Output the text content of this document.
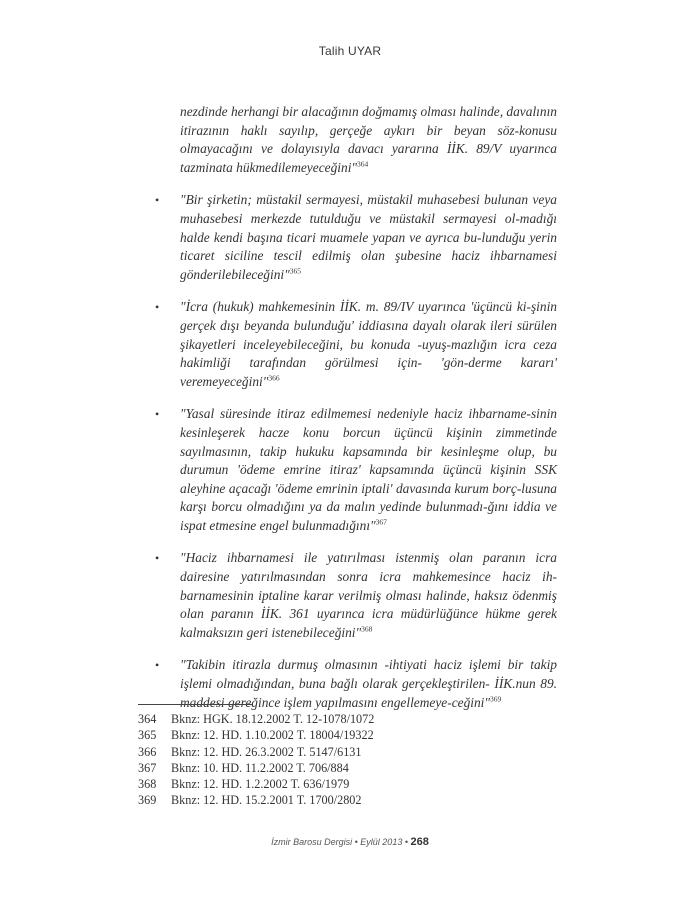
Talih UYAR

nezdinde herhangi bir alacağının doğmamış olması halinde, davalının itirazının haklı sayılıp, gerçeğe aykırı bir beyan söz-konusu olmayacağını ve dolayısıyla davacı yararına İİK. 89/V uyarınca tazminata hükmedilemeyeceğini"$^{364}$

• "Bir şirketin; müstakil sermayesi, müstakil muhasebesi bulunan veya muhasebesi merkezde tutulduğu ve müstakil sermayesi ol-madığı halde kendi başına ticari muamele yapan ve ayrıca bu-lunduğu yerin ticaret siciline tescil edilmiş olan şubesine haciz ihbarnamesi gönderilebileceğini"$^{365}$

• "İcra (hukuk) mahkemesinin İİK. m. 89/IV uyarınca 'üçüncü ki-şinin gerçek dışı beyanda bulunduğu' iddiasına dayalı olarak ileri sürülen şikayetleri inceleyebileceğini, bu konuda -uyuş-mazlığın icra ceza hakimliği tarafından görülmesi için- 'gön-derme kararı' veremeyeceğini"$^{366}$

• "Yasal süresinde itiraz edilmemesi nedeniyle haciz ihbarname-sinin kesinleşerek hacze konu borcun üçüncü kişinin zimmetinde sayılmasının, takip hukuku kapsamında bir kesinleşme olup, bu durumun 'ödeme emrine itiraz' kapsamında üçüncü kişinin SSK aleyhine açacağı 'ödeme emrinin iptali' davasında kurum borç-lusuna karşı borcu olmadığını ya da malın yedinde bulunmadı-ğını iddia ve ispat etmesine engel bulunmadığını"$^{367}$

• "Haciz ihbarnamesi ile yatırılması istenmiş olan paranın icra dairesine yatırılmasından sonra icra mahkemesince haciz ih-barnamesinin iptaline karar verilmiş olması halinde, haksız ödenmiş olan paranın İİK. 361 uyarınca icra müdürlüğünce hükme gerek kalmaksızın geri istenebileceğini"$^{368}$

• "Takibin itirazla durmuş olmasının -ihtiyati haciz işlemi bir takip işlemi olmadığından, buna bağlı olarak gerçekleştirilen- İİK.nun 89. maddesi gereğince işlem yapılmasını engellemeye-ceğini"$^{369}$

364	Bknz: HGK. 18.12.2002 T. 12-1078/1072
365	Bknz: 12. HD. 1.10.2002 T. 18004/19322
366	Bknz: 12. HD. 26.3.2002 T. 5147/6131
367	Bknz: 10. HD. 11.2.2002 T. 706/884
368	Bknz: 12. HD. 1.2.2002 T. 636/1979
369	Bknz: 12. HD. 15.2.2001 T. 1700/2802
İzmir Barosu Dergisi • Eylül 2013 • 268
